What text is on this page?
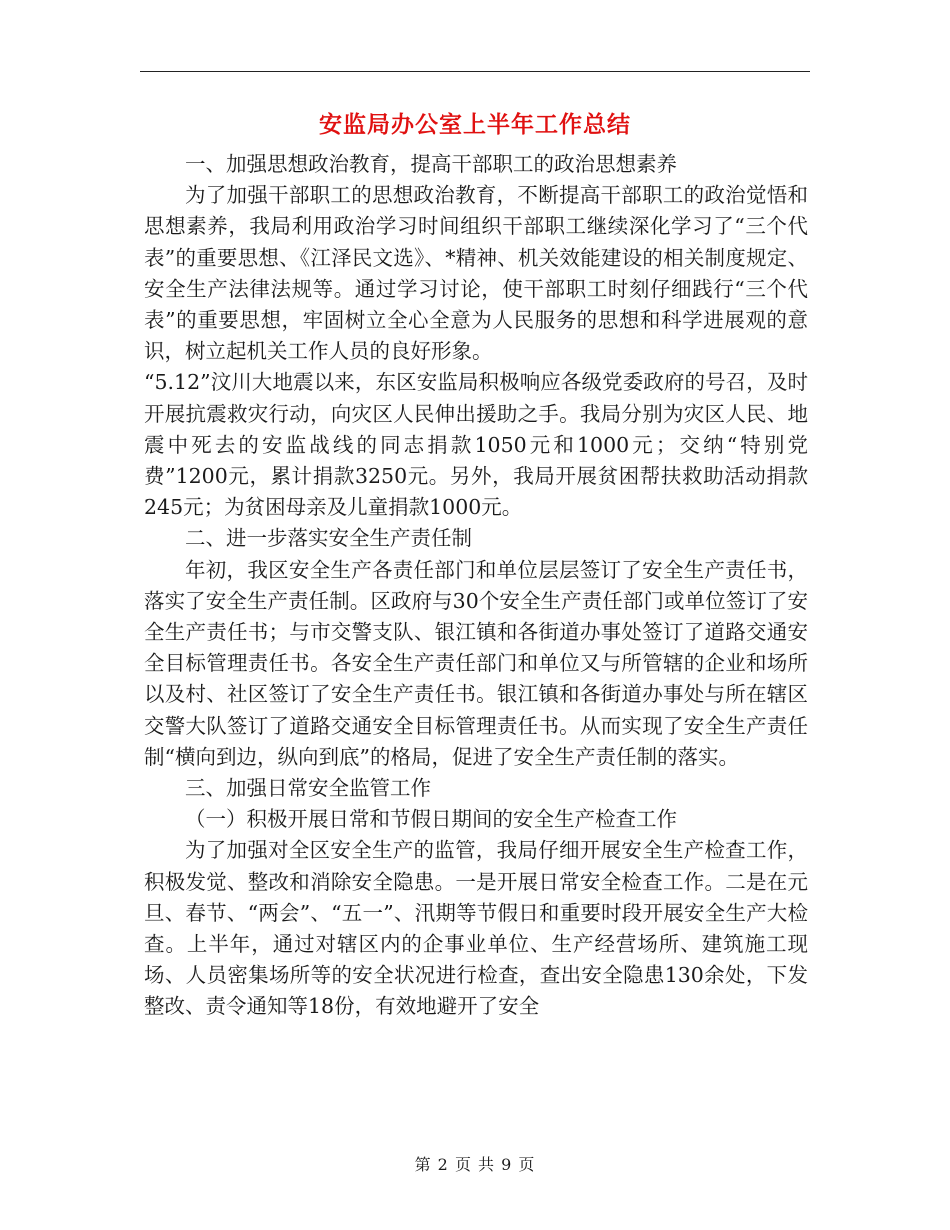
安监局办公室上半年工作总结

一、加强思想政治教育，提高干部职工的政治思想素养

为了加强干部职工的思想政治教育，不断提高干部职工的政治觉悟和思想素养，我局利用政治学习时间组织干部职工继续深化学习了“三个代表”的重要思想、《江泽民文选》、*精神、机关效能建设的相关制度规定、安全生产法律法规等。通过学习讨论，使干部职工时刻仔细践行“三个代表”的重要思想，牢固树立全心全意为人民服务的思想和科学进展观的意识，树立起机关工作人员的良好形象。

“5.12”汶川大地震以来，东区安监局积极响应各级党委政府的号召，及时开展抗震救灾行动，向灾区人民伸出援助之手。我局分别为灾区人民、地震中死去的安监战线的同志捐款1050元和1000元；交纳“特别党费”1200元，累计捐款3250元。另外，我局开展贫困帮扶救助活动捐款245元；为贫困母亲及儿童捐款1000元。

二、进一步落实安全生产责任制

年初，我区安全生产各责任部门和单位层层签订了安全生产责任书，落实了安全生产责任制。区政府与30个安全生产责任部门或单位签订了安全生产责任书；与市交警支队、银江镇和各街道办事处签订了道路交通安全目标管理责任书。各安全生产责任部门和单位又与所管辖的企业和场所以及村、社区签订了安全生产责任书。银江镇和各街道办事处与所在辖区交警大队签订了道路交通安全目标管理责任书。从而实现了安全生产责任制“横向到边，纵向到底”的格局，促进了安全生产责任制的落实。

三、加强日常安全监管工作

（一）积极开展日常和节假日期间的安全生产检查工作

为了加强对全区安全生产的监管，我局仔细开展安全生产检查工作，积极发觉、整改和消除安全隐患。一是开展日常安全检查工作。二是在元旦、春节、“两会”、“五一”、汛期等节假日和重要时段开展安全生产大检查。上半年，通过对辖区内的企事业单位、生产经营场所、建筑施工现场、人员密集场所等的安全状况进行检查，查出安全隐患130余处，下发整改、责令通知等18份，有效地避开了安全

第 2 页 共 9 页
